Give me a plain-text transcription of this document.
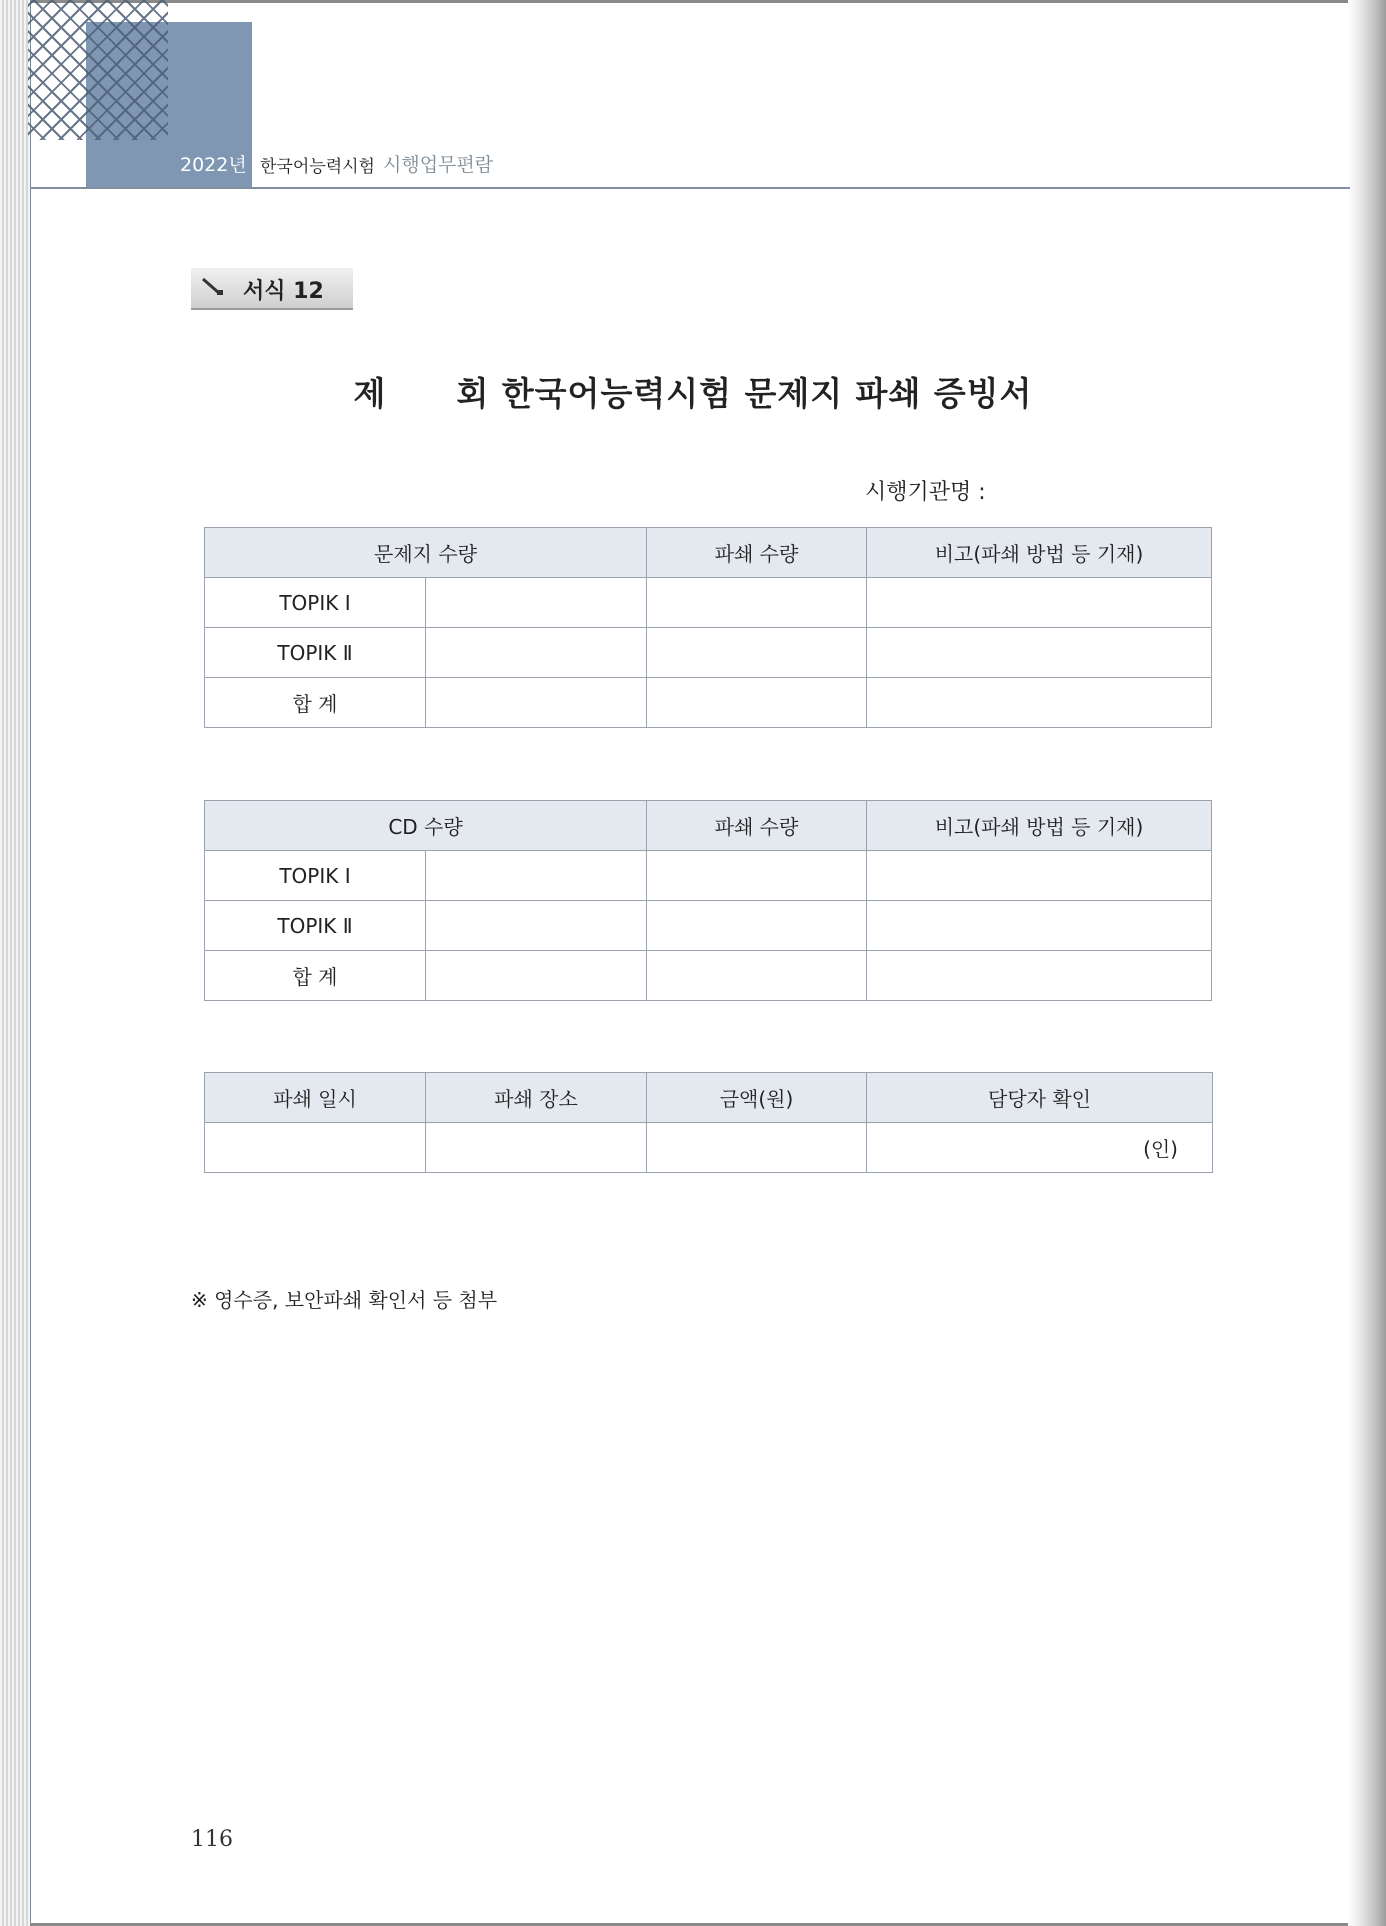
2022년 한국어능력시험 시행업무편람
서식 12
제 회 한국어능력시험 문제지 파쇄 증빙서
시행기관명 :
문제지 수량		파쇄 수량	비고(파쇄 방법 등 기재)
TOPIK Ⅰ			
TOPIK Ⅱ			
합 계			
CD 수량		파쇄 수량	비고(파쇄 방법 등 기재)
TOPIK Ⅰ			
TOPIK Ⅱ			
합 계			
파쇄 일시	파쇄 장소	금액(원)	담당자 확인
			(인)
※ 영수증, 보안파쇄 확인서 등 첨부
116
